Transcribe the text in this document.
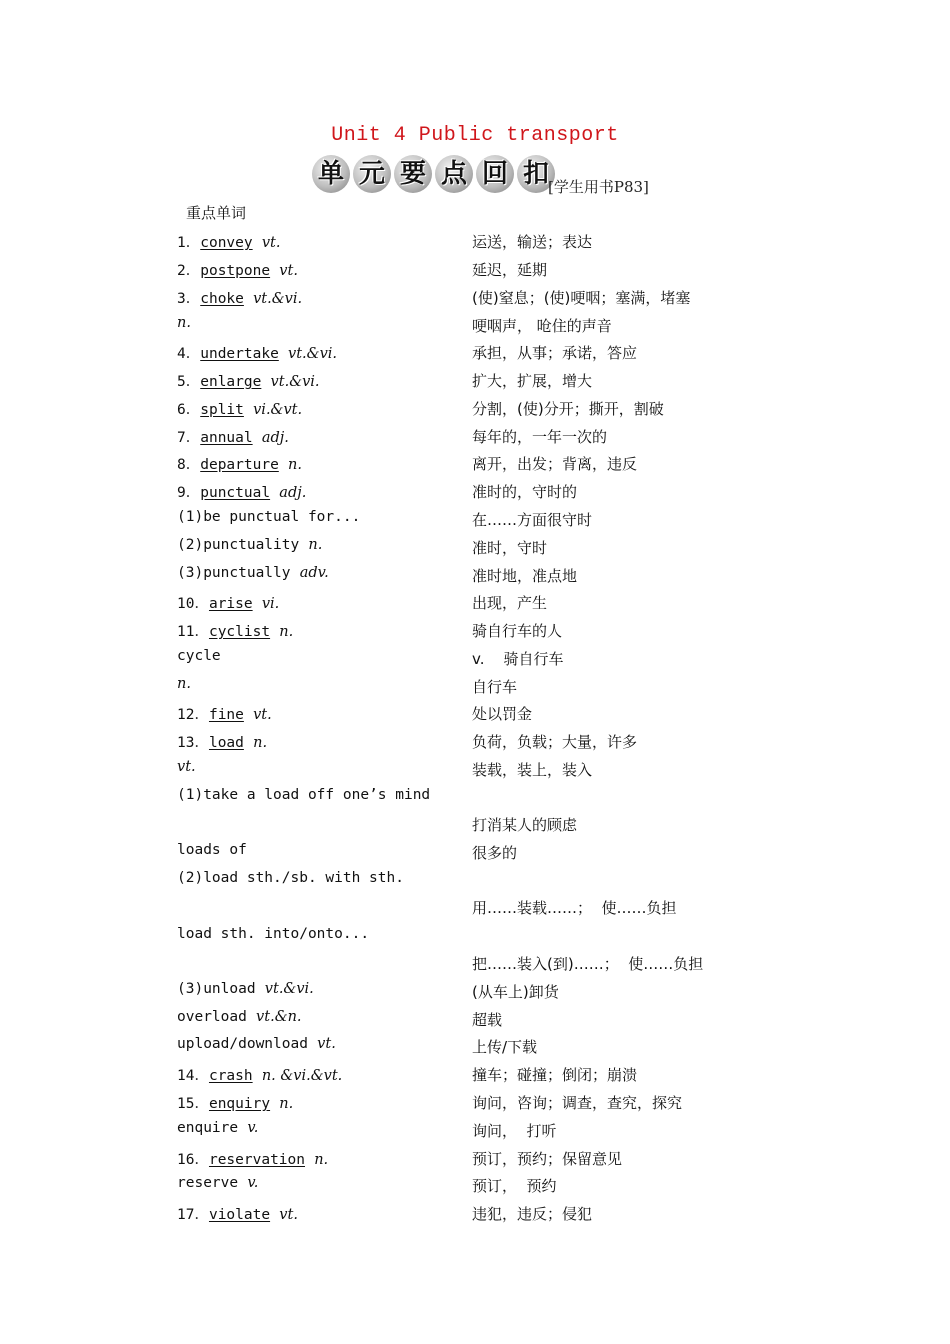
Unit 4 Public transport
单 元 要 点 回 扣 [学生用书P83]
重点单词
1．convey  vt.	运送，输送；表达
2．postpone  vt.	延迟，延期
3．choke  vt.&vi.	(使)窒息；(使)哽咽；塞满，堵塞
n.	哽咽声， 呛住的声音
4．undertake  vt.&vi.	承担，从事；承诺，答应
5．enlarge  vt.&vi.	扩大，扩展，增大
6．split  vi.&vt.	分割，(使)分开；撕开，割破
7．annual  adj.	每年的，一年一次的
8．departure  n.	离开，出发；背离，违反
9．punctual  adj.	准时的，守时的
(1)be punctual for...	在……方面很守时
(2)punctuality  n.	准时，守时
(3)punctually  adv.	准时地，准点地
10．arise  vi.	出现，产生
11．cyclist  n.	骑自行车的人
cycle	v.    骑自行车
n.	自行车
12．fine  vt.	处以罚金
13．load  n.	负荷，负载；大量，许多
vt.	装载，装上，装入
(1)take a load off one’s mind
打消某人的顾虑
loads of	很多的
(2)load sth./sb. with sth.
用……装载……；  使……负担
load sth. into/onto...
把……装入(到)……；  使……负担
(3)unload  vt.&vi.	(从车上)卸货
overload  vt.&n.	超载
upload/download  vt.	上传/下载
14．crash  n. &vi.&vt.	撞车；碰撞；倒闭；崩溃
15．enquiry  n.	询问，咨询；调查，查究，探究
enquire  v.	询问，  打听
16．reservation  n.	预订，预约；保留意见
reserve  v.	预订，  预约
17．violate  vt.	违犯，违反；侵犯
